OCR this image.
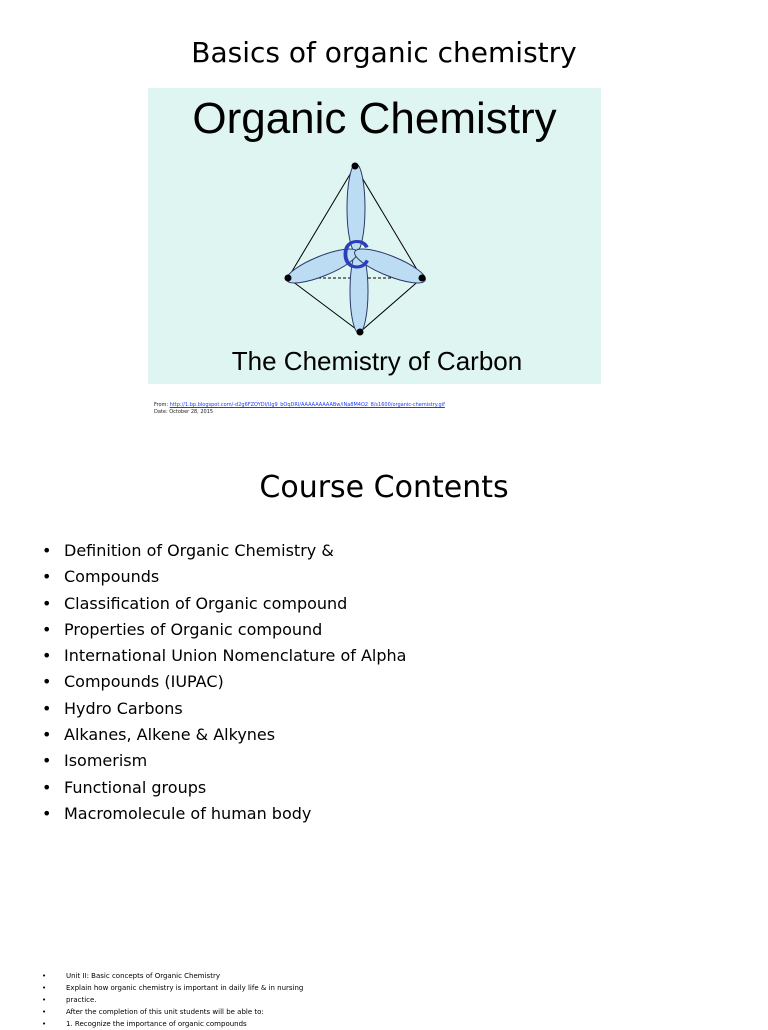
Basics of organic chemistry
Organic Chemistry
C
The Chemistry of Carbon
From: http://1.bp.blogspot.com/-d2g6FZOYDl/Ug9_bOqDRI/AAAAAAAAABw/iNa8M4O2_8/s1600/organic-chemistry.gif
Date: October 28, 2015
Course Contents
• Definition of Organic Chemistry &
• Compounds
• Classification of Organic compound
• Properties of Organic compound
• International Union Nomenclature of Alpha
• Compounds (IUPAC)
• Hydro Carbons
• Alkanes, Alkene & Alkynes
• Isomerism
• Functional groups
• Macromolecule of human body
•	Unit II: Basic concepts of Organic Chemistry
•	Explain how organic chemistry is important in daily life & in nursing
•	practice.
•	After the completion of this unit students will be able to:
•	1. Recognize the importance of organic compounds
